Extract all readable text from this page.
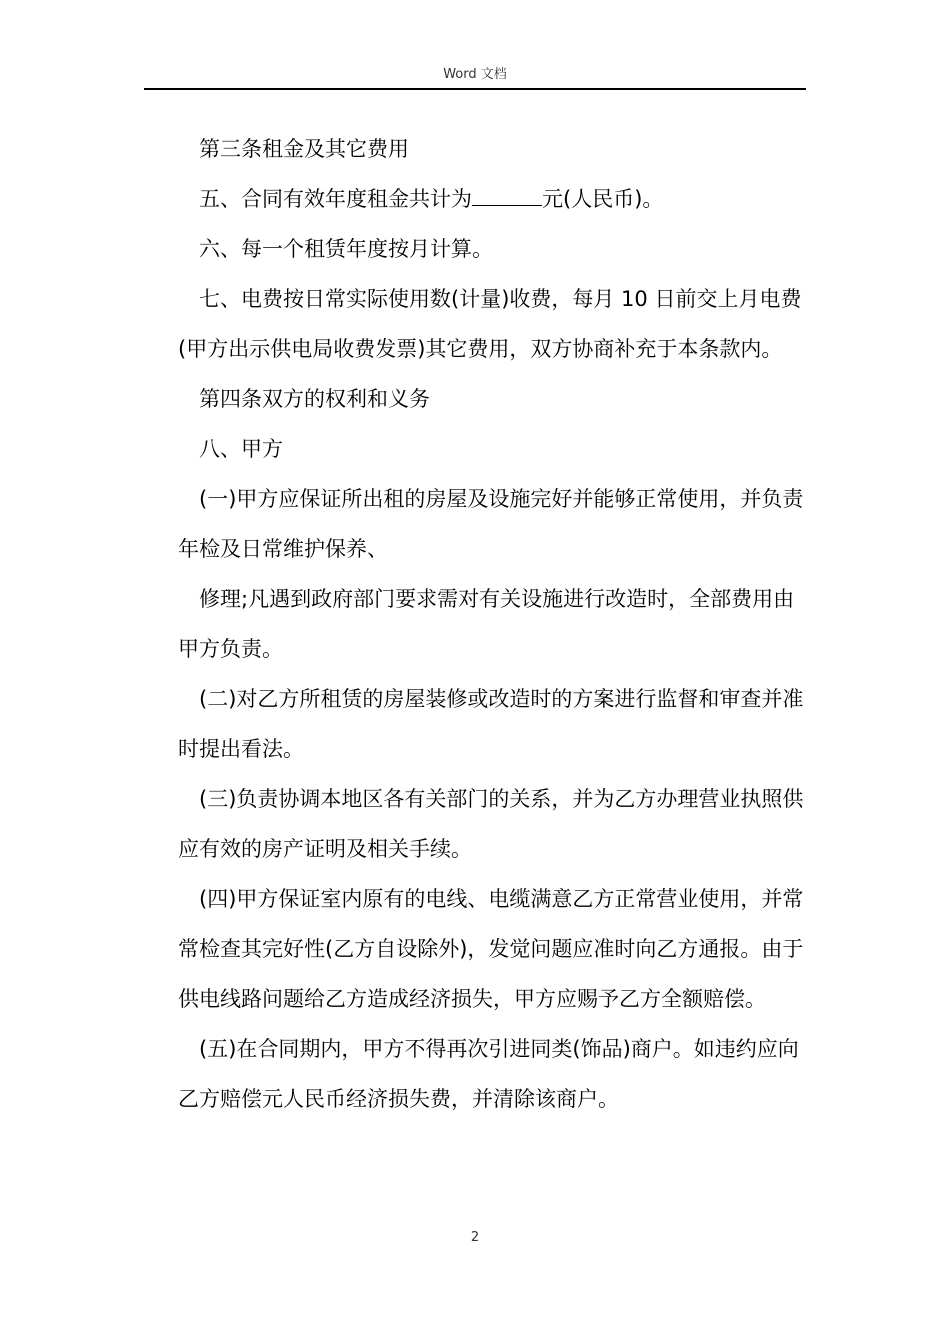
Word 文档

第三条租金及其它费用

五、合同有效年度租金共计为	元(人民币)。

六、每一个租赁年度按月计算。

七、电费按日常实际使用数(计量)收费，每月 10 日前交上月电费(甲方出示供电局收费发票)其它费用，双方协商补充于本条款内。

第四条双方的权利和义务

八、甲方

(一)甲方应保证所出租的房屋及设施完好并能够正常使用，并负责年检及日常维护保养、

修理;凡遇到政府部门要求需对有关设施进行改造时，全部费用由甲方负责。

(二)对乙方所租赁的房屋装修或改造时的方案进行监督和审查并准时提出看法。

(三)负责协调本地区各有关部门的关系，并为乙方办理营业执照供应有效的房产证明及相关手续。

(四)甲方保证室内原有的电线、电缆满意乙方正常营业使用，并常常检查其完好性(乙方自设除外)，发觉问题应准时向乙方通报。由于供电线路问题给乙方造成经济损失，甲方应赐予乙方全额赔偿。

(五)在合同期内，甲方不得再次引进同类(饰品)商户。如违约应向乙方赔偿元人民币经济损失费，并清除该商户。

2
